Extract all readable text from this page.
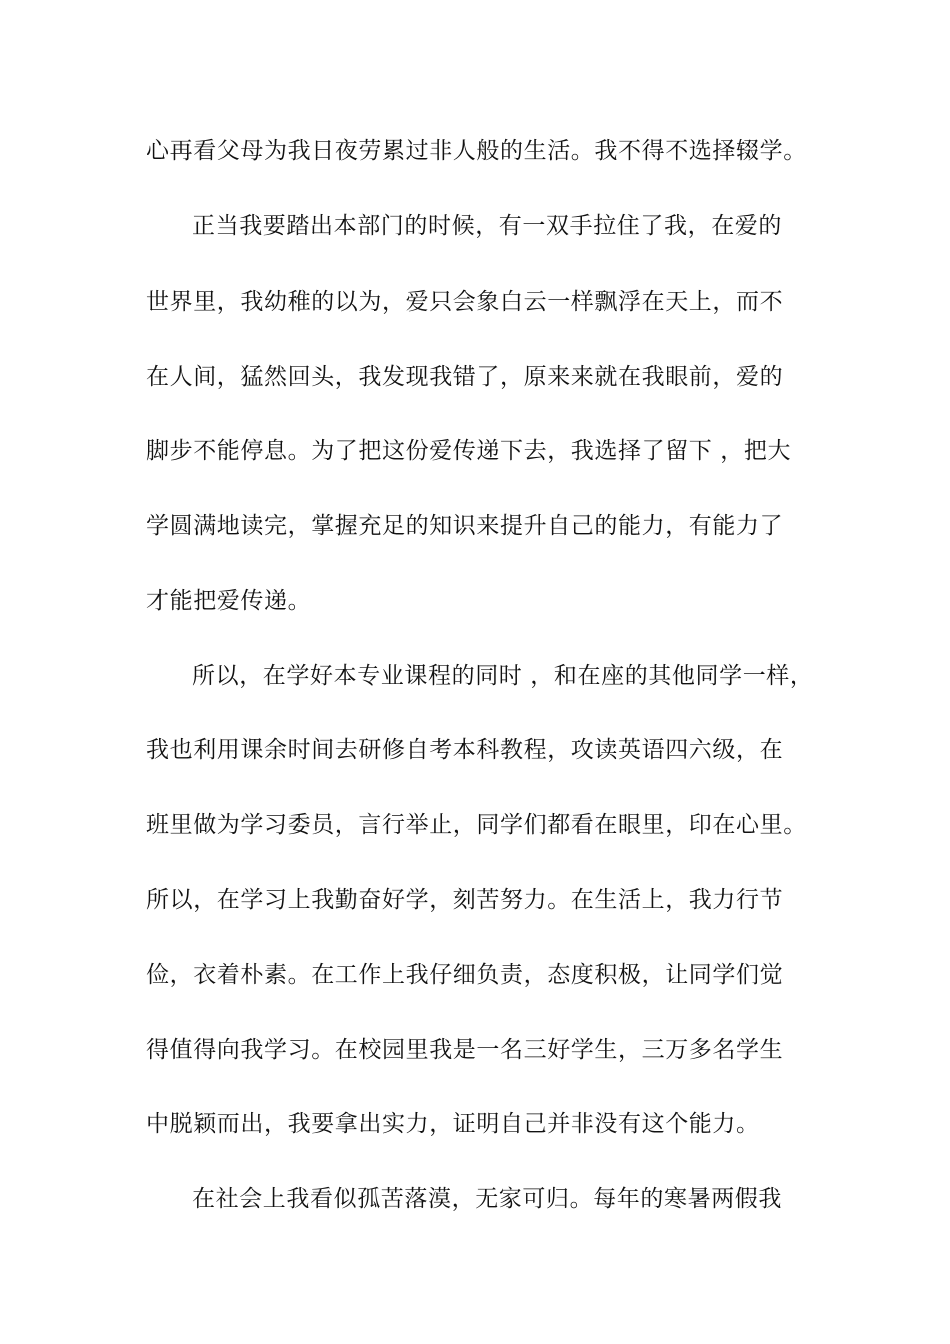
心再看父母为我日夜劳累过非人般的生活。我不得不选择辍学。
正当我要踏出本部门的时候，有一双手拉住了我，在爱的
世界里，我幼稚的以为，爱只会象白云一样飘浮在天上，而不
在人间，猛然回头，我发现我错了，原来来就在我眼前，爱的
脚步不能停息。为了把这份爱传递下去，我选择了留下 ，把大
学圆满地读完，掌握充足的知识来提升自己的能力，有能力了
才能把爱传递。
所以，在学好本专业课程的同时 ，和在座的其他同学一样，
我也利用课余时间去研修自考本科教程，攻读英语四六级，在
班里做为学习委员，言行举止，同学们都看在眼里，印在心里。
所以，在学习上我勤奋好学，刻苦努力。在生活上，我力行节
俭，衣着朴素。在工作上我仔细负责，态度积极，让同学们觉
得值得向我学习。在校园里我是一名三好学生，三万多名学生
中脱颖而出，我要拿出实力，证明自己并非没有这个能力。
在社会上我看似孤苦落漠，无家可归。每年的寒暑两假我
